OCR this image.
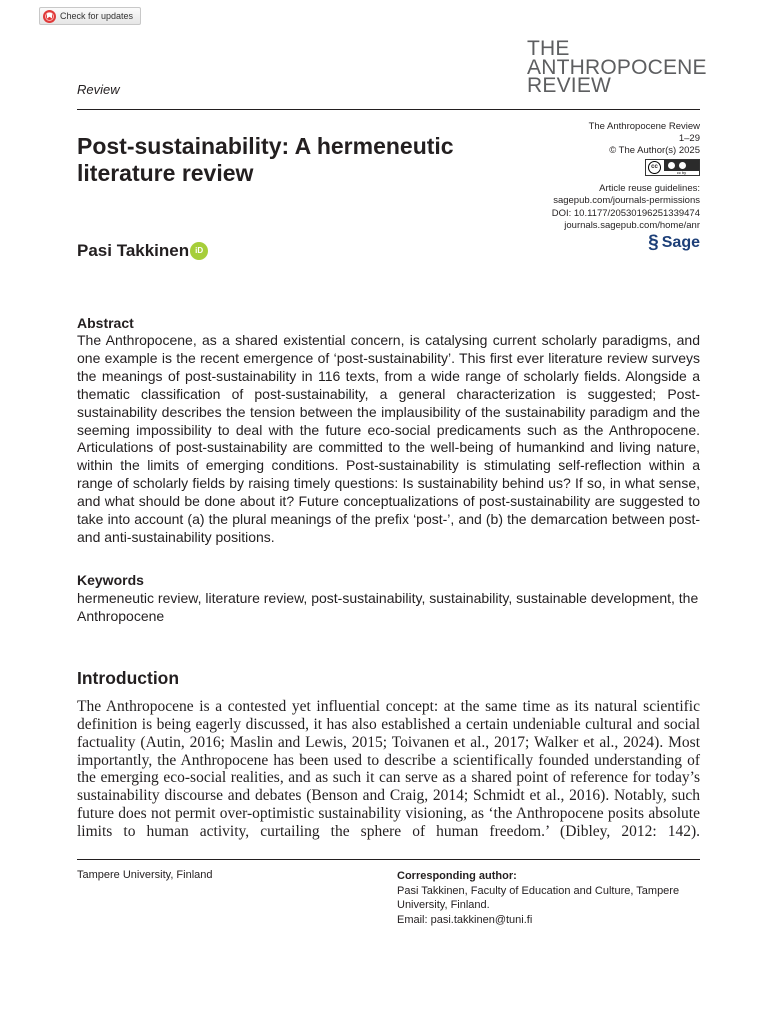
Check for updates
THE
ANTHROPOCENE
REVIEW
Review
Post-sustainability: A hermeneutic literature review
The Anthropocene Review
1–29
© The Author(s) 2025
cc
cc by
Article reuse guidelines:
sagepub.com/journals-permissions
DOI: 10.1177/20530196251339474
journals.sagepub.com/home/anr
§ Sage
Pasi Takkinen iD
Abstract

The Anthropocene, as a shared existential concern, is catalysing current scholarly paradigms, and one example is the recent emergence of ‘post-sustainability’. This first ever literature review surveys the meanings of post-sustainability in 116 texts, from a wide range of scholarly fields. Alongside a thematic classification of post-sustainability, a general characterization is suggested; Post-sustainability describes the tension between the implausibility of the sustainability paradigm and the seeming impossibility to deal with the future eco-social predicaments such as the Anthropocene. Articulations of post-sustainability are committed to the well-being of humankind and living nature, within the limits of emerging conditions. Post-sustainability is stimulating self-reflection within a range of scholarly fields by raising timely questions: Is sustainability behind us? If so, in what sense, and what should be done about it? Future conceptualizations of post-sustainability are suggested to take into account (a) the plural meanings of the prefix ‘post-’, and (b) the demarcation between post- and anti-sustainability positions.

Keywords

hermeneutic review, literature review, post-sustainability, sustainability, sustainable development, the Anthropocene

Introduction

The Anthropocene is a contested yet influential concept: at the same time as its natural scientific definition is being eagerly discussed, it has also established a certain undeniable cultural and social factuality (Autin, 2016; Maslin and Lewis, 2015; Toivanen et al., 2017; Walker et al., 2024). Most importantly, the Anthropocene has been used to describe a scientifically founded understanding of the emerging eco-social realities, and as such it can serve as a shared point of reference for today’s sustainability discourse and debates (Benson and Craig, 2014; Schmidt et al., 2016). Notably, such future does not permit over-optimistic sustainability visioning, as ‘the Anthropocene posits absolute limits to human activity, curtailing the sphere of human freedom.’ (Dibley, 2012: 142).

Tampere University, Finland	Corresponding author:
Pasi Takkinen, Faculty of Education and Culture, Tampere University, Finland.
Email: pasi.takkinen@tuni.fi
